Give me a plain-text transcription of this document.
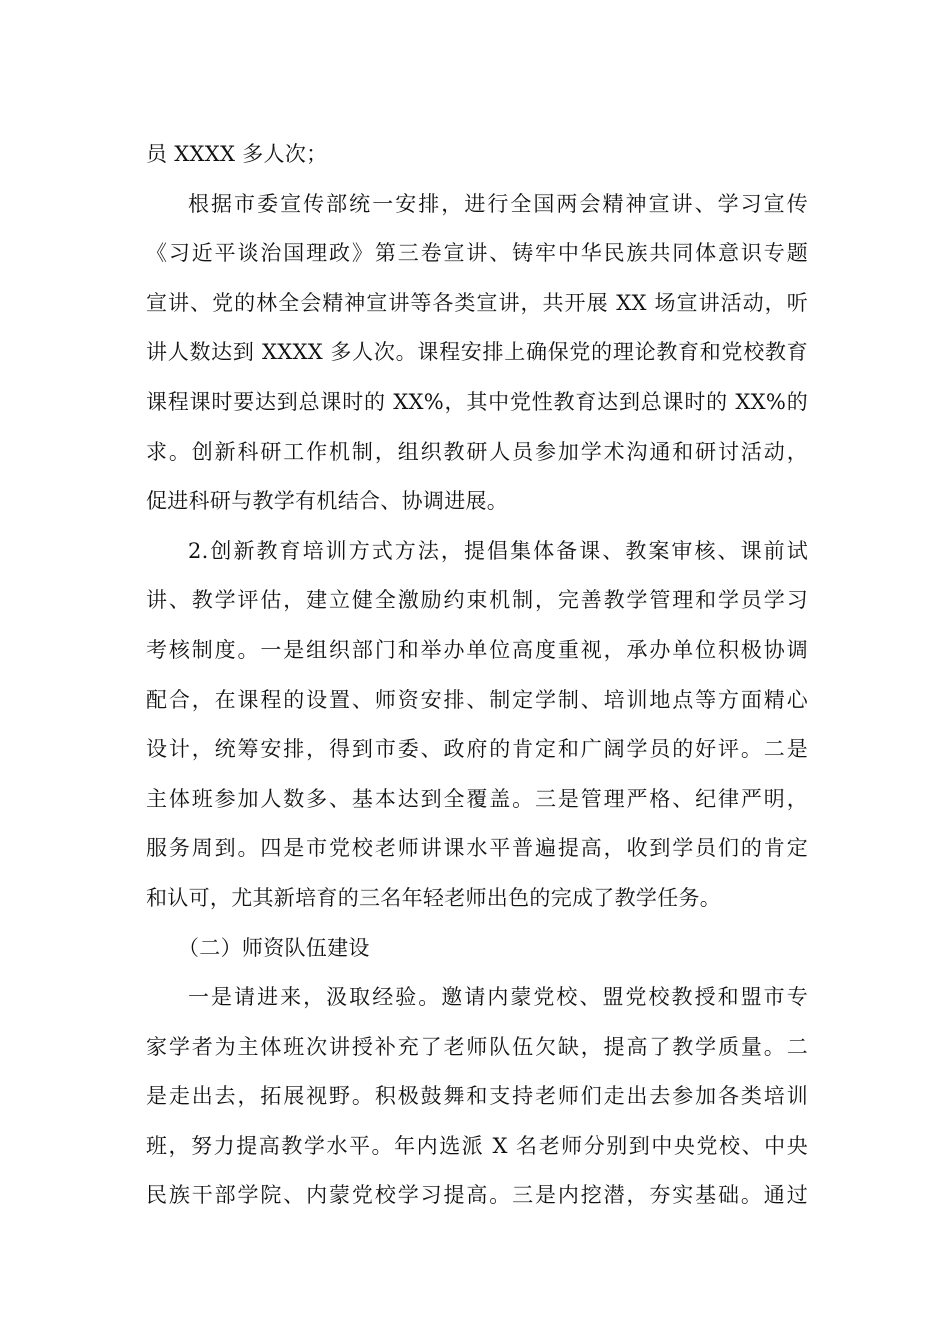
员 XXXX 多人次；
根据市委宣传部统一安排，进行全国两会精神宣讲、学习宣传
《习近平谈治国理政》第三卷宣讲、铸牢中华民族共同体意识专题
宣讲、党的林全会精神宣讲等各类宣讲，共开展 XX 场宣讲活动，听
讲人数达到 XXXX 多人次。课程安排上确保党的理论教育和党校教育
课程课时要达到总课时的 XX%，其中党性教育达到总课时的 XX%的
求。创新科研工作机制，组织教研人员参加学术沟通和研讨活动，
促进科研与教学有机结合、协调进展。
2.创新教育培训方式方法，提倡集体备课、教案审核、课前试
讲、教学评估，建立健全激励约束机制，完善教学管理和学员学习
考核制度。一是组织部门和举办单位高度重视，承办单位积极协调
配合，在课程的设置、师资安排、制定学制、培训地点等方面精心
设计，统筹安排，得到市委、政府的肯定和广阔学员的好评。二是
主体班参加人数多、基本达到全覆盖。三是管理严格、纪律严明，
服务周到。四是市党校老师讲课水平普遍提高，收到学员们的肯定
和认可，尤其新培育的三名年轻老师出色的完成了教学任务。
（二）师资队伍建设
一是请进来，汲取经验。邀请内蒙党校、盟党校教授和盟市专
家学者为主体班次讲授补充了老师队伍欠缺，提高了教学质量。二
是走出去，拓展视野。积极鼓舞和支持老师们走出去参加各类培训
班，努力提高教学水平。年内选派 X 名老师分别到中央党校、中央
民族干部学院、内蒙党校学习提高。三是内挖潜，夯实基础。通过
